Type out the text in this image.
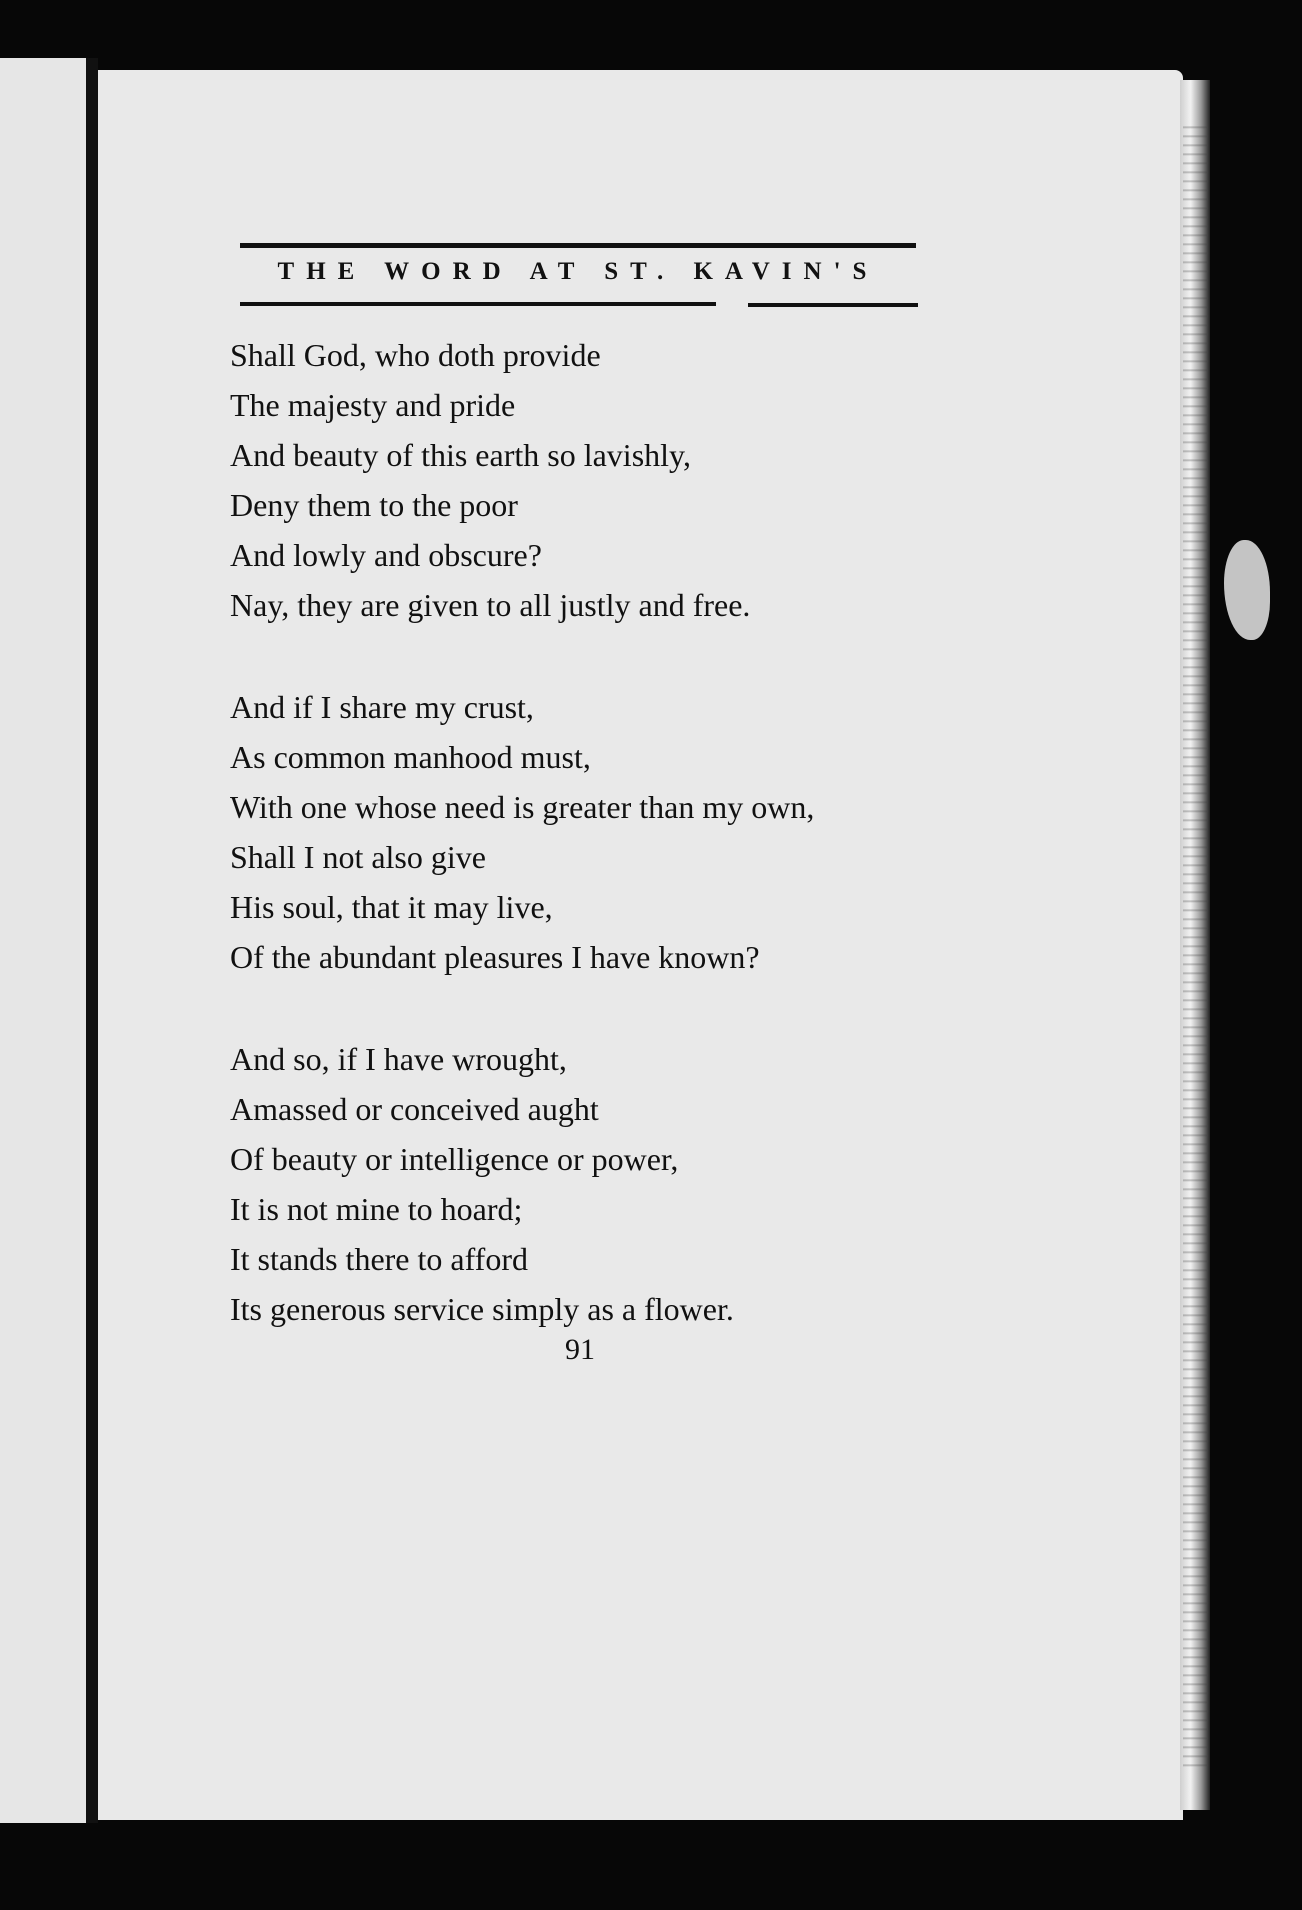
THE WORD AT ST. KAVIN'S
Shall God, who doth provide
The majesty and pride
And beauty of this earth so lavishly,
Deny them to the poor
And lowly and obscure?
Nay, they are given to all justly and free.
And if I share my crust,
As common manhood must,
With one whose need is greater than my own,
Shall I not also give
His soul, that it may live,
Of the abundant pleasures I have known?
And so, if I have wrought,
Amassed or conceived aught
Of beauty or intelligence or power,
It is not mine to hoard;
It stands there to afford
Its generous service simply as a flower.
91
